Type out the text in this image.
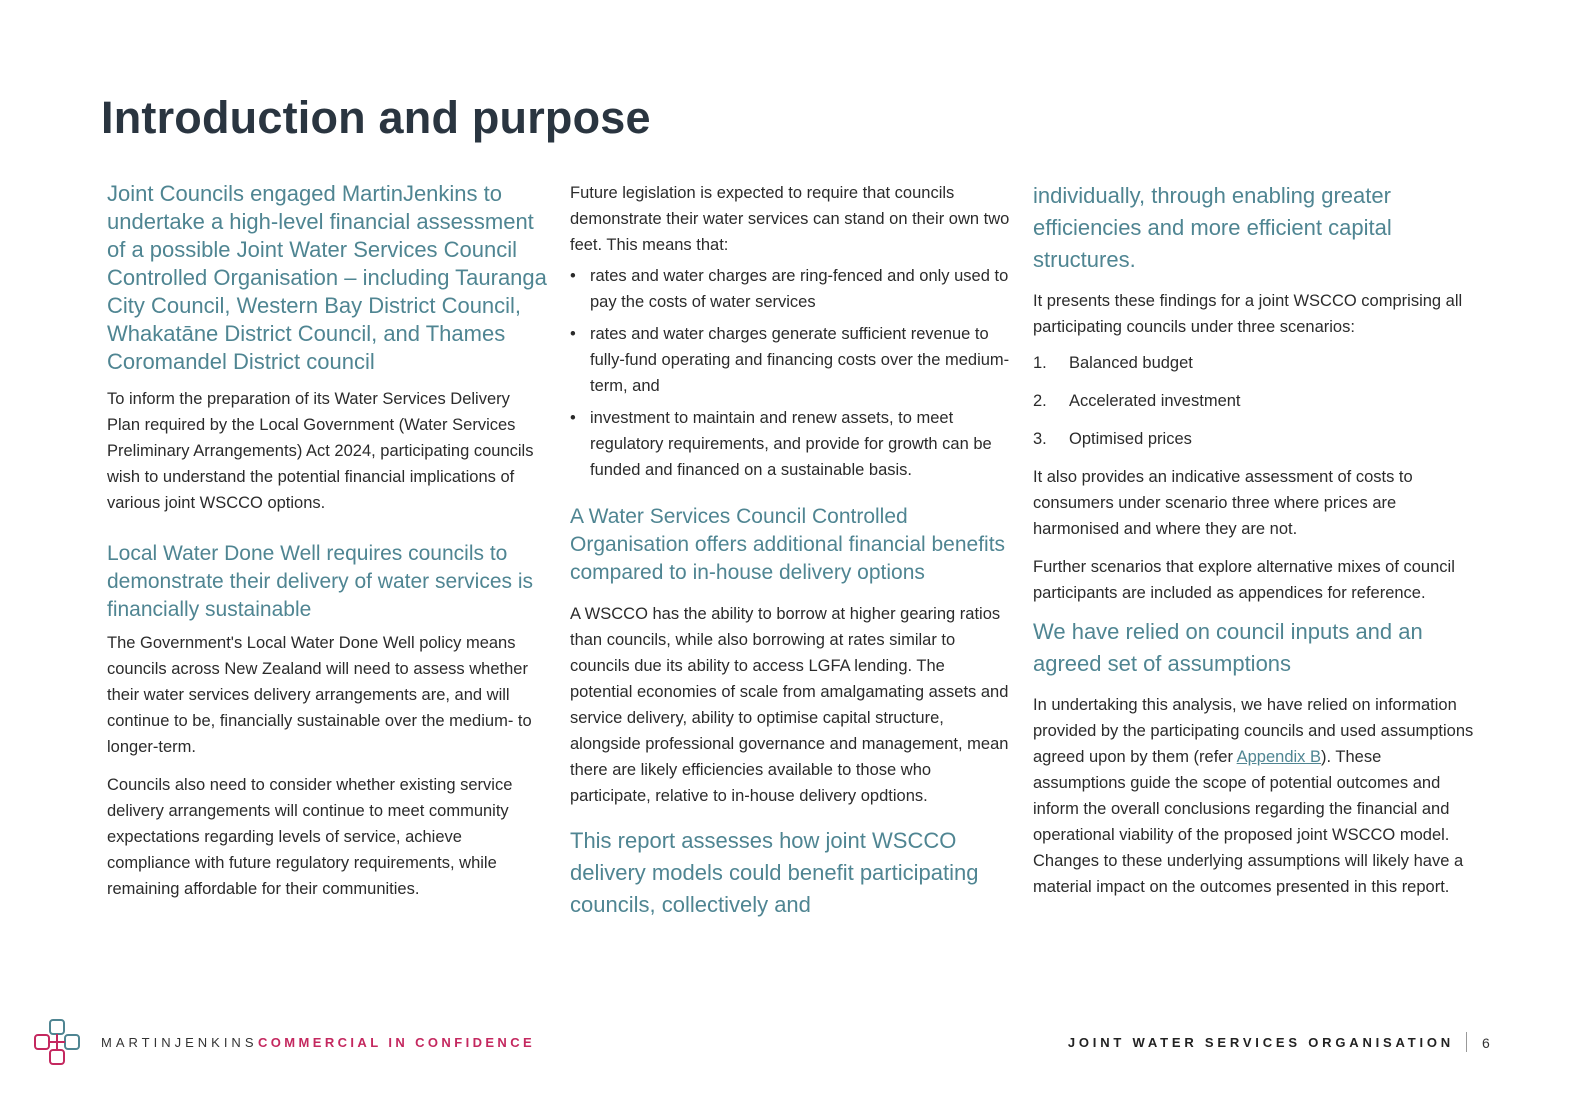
Introduction and purpose

Joint Councils engaged MartinJenkins to undertake a high-level financial assessment of a possible Joint Water Services Council Controlled Organisation – including Tauranga City Council, Western Bay District Council, Whakatāne District Council, and Thames Coromandel District council

To inform the preparation of its Water Services Delivery Plan required by the Local Government (Water Services Preliminary Arrangements) Act 2024, participating councils wish to understand the potential financial implications of various joint WSCCO options.

Local Water Done Well requires councils to demonstrate their delivery of water services is financially sustainable

The Government's Local Water Done Well policy means councils across New Zealand will need to assess whether their water services delivery arrangements are, and will continue to be, financially sustainable over the medium- to longer-term.

Councils also need to consider whether existing service delivery arrangements will continue to meet community expectations regarding levels of service, achieve compliance with future regulatory requirements, while remaining affordable for their communities.

Future legislation is expected to require that councils demonstrate their water services can stand on their own two feet. This means that:

• rates and water charges are ring-fenced and only used to pay the costs of water services
• rates and water charges generate sufficient revenue to fully-fund operating and financing costs over the medium-term, and
• investment to maintain and renew assets, to meet regulatory requirements, and provide for growth can be funded and financed on a sustainable basis.

A Water Services Council Controlled Organisation offers additional financial benefits compared to in-house delivery options

A WSCCO has the ability to borrow at higher gearing ratios than councils, while also borrowing at rates similar to councils due its ability to access LGFA lending. The potential economies of scale from amalgamating assets and service delivery, ability to optimise capital structure, alongside professional governance and management, mean there are likely efficiencies available to those who participate, relative to in-house delivery opdtions.

This report assesses how joint WSCCO delivery models could benefit participating councils, collectively and

individually, through enabling greater efficiencies and more efficient capital structures.

It presents these findings for a joint WSCCO comprising all participating councils under three scenarios:

1.	Balanced budget
2.	Accelerated investment
3.	Optimised prices

It also provides an indicative assessment of costs to consumers under scenario three where prices are harmonised and where they are not.

Further scenarios that explore alternative mixes of council participants are included as appendices for reference.

We have relied on council inputs and an agreed set of assumptions

In undertaking this analysis, we have relied on information provided by the participating councils and used assumptions agreed upon by them (refer Appendix B). These assumptions guide the scope of potential outcomes and inform the overall conclusions regarding the financial and operational viability of the proposed joint WSCCO model. Changes to these underlying assumptions will likely have a material impact on the outcomes presented in this report.

MARTINJENKINS COMMERCIAL IN CONFIDENCE	JOINT WATER SERVICES ORGANISATION 6
